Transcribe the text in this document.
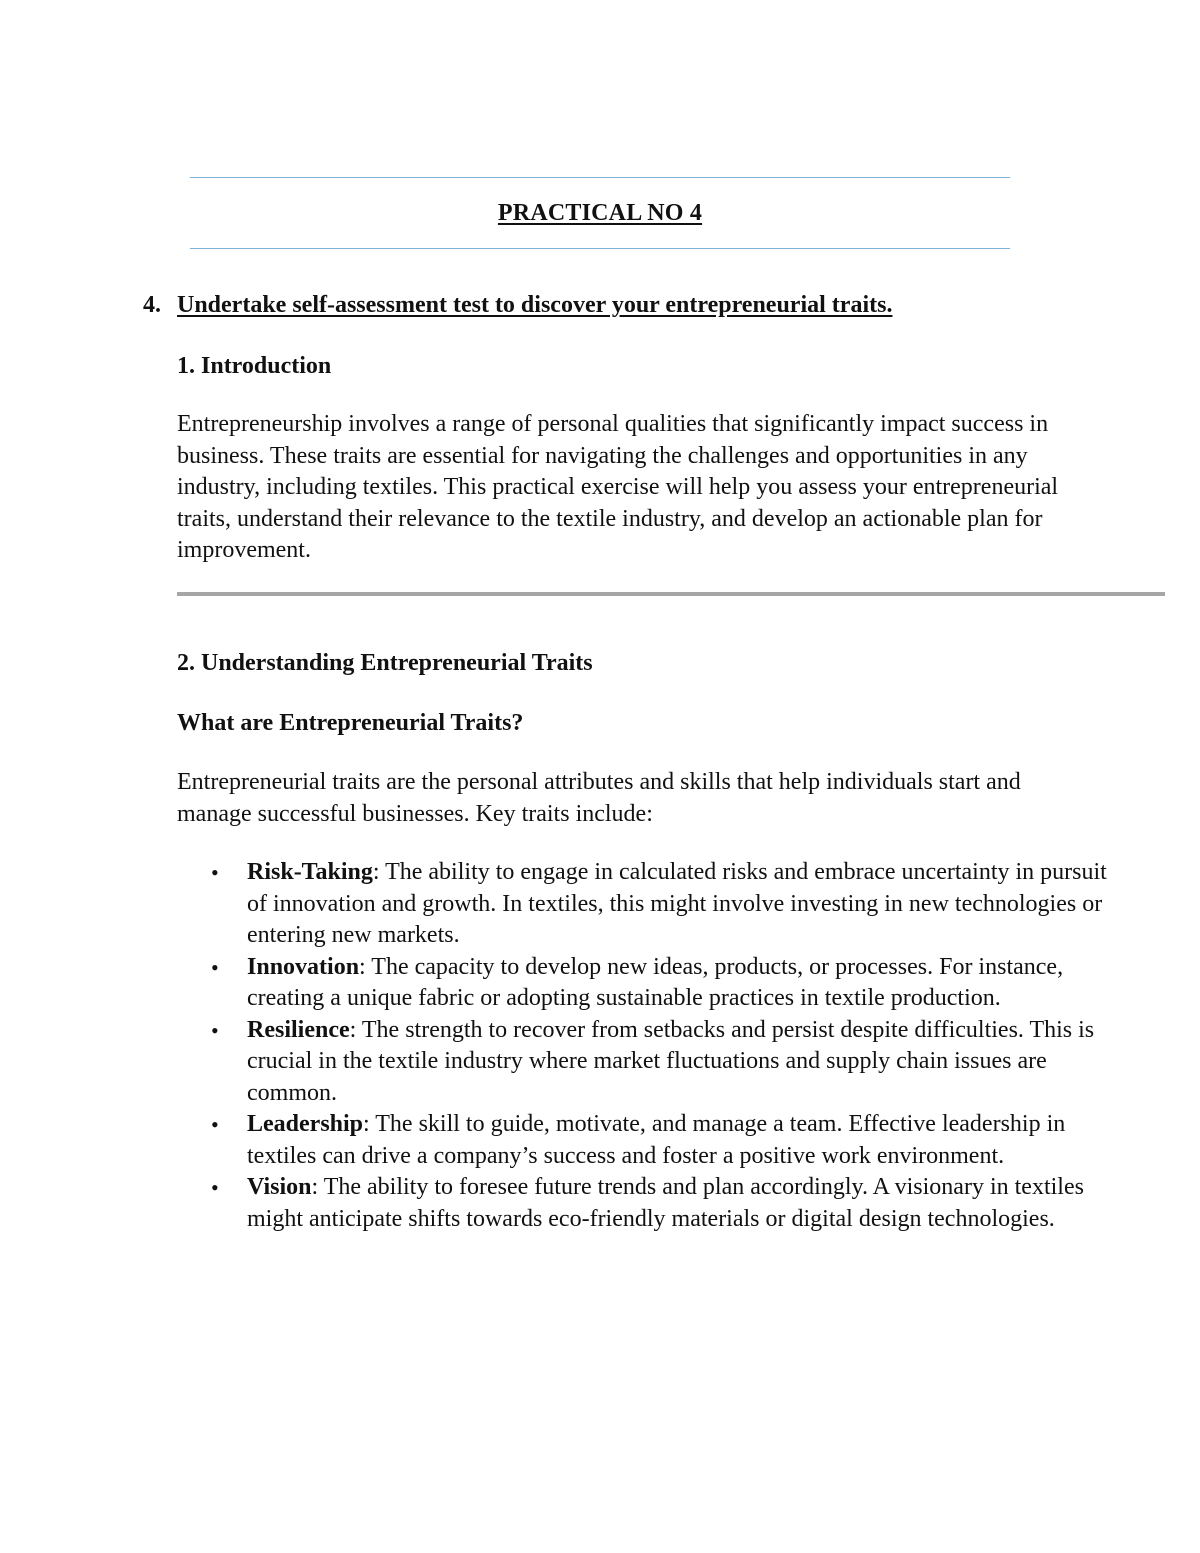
PRACTICAL NO 4
4. Undertake self-assessment test to discover your entrepreneurial traits.
1. Introduction
Entrepreneurship involves a range of personal qualities that significantly impact success in business. These traits are essential for navigating the challenges and opportunities in any industry, including textiles. This practical exercise will help you assess your entrepreneurial traits, understand their relevance to the textile industry, and develop an actionable plan for improvement.
2. Understanding Entrepreneurial Traits
What are Entrepreneurial Traits?
Entrepreneurial traits are the personal attributes and skills that help individuals start and manage successful businesses. Key traits include:
• Risk-Taking: The ability to engage in calculated risks and embrace uncertainty in pursuit of innovation and growth. In textiles, this might involve investing in new technologies or entering new markets.
• Innovation: The capacity to develop new ideas, products, or processes. For instance, creating a unique fabric or adopting sustainable practices in textile production.
• Resilience: The strength to recover from setbacks and persist despite difficulties. This is crucial in the textile industry where market fluctuations and supply chain issues are common.
• Leadership: The skill to guide, motivate, and manage a team. Effective leadership in textiles can drive a company’s success and foster a positive work environment.
• Vision: The ability to foresee future trends and plan accordingly. A visionary in textiles might anticipate shifts towards eco-friendly materials or digital design technologies.
